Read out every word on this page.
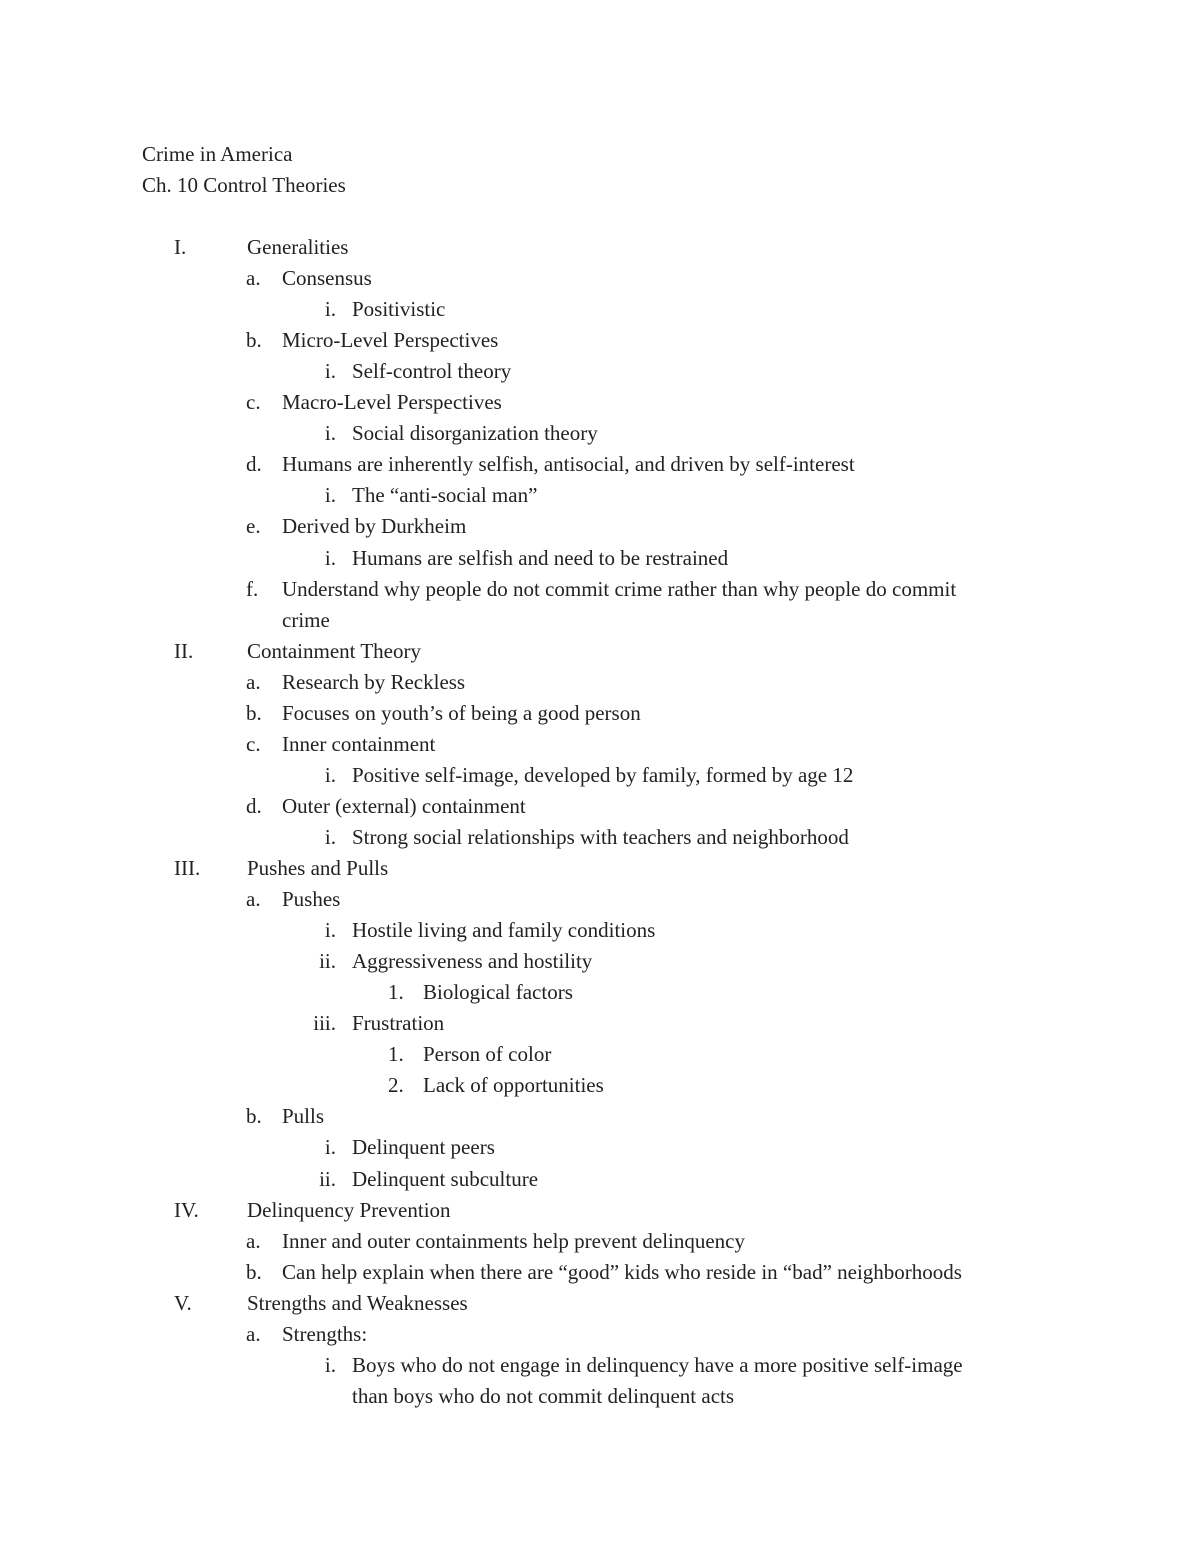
Crime in America
Ch. 10 Control Theories
I.	Generalities
a. Consensus
i. Positivistic
b. Micro-Level Perspectives
i. Self-control theory
c. Macro-Level Perspectives
i. Social disorganization theory
d. Humans are inherently selfish, antisocial, and driven by self-interest
i. The “anti-social man”
e. Derived by Durkheim
i. Humans are selfish and need to be restrained
f. Understand why people do not commit crime rather than why people do commit
crime
II.	Containment Theory
a. Research by Reckless
b. Focuses on youth’s of being a good person
c. Inner containment
i. Positive self-image, developed by family, formed by age 12
d. Outer (external) containment
i. Strong social relationships with teachers and neighborhood
III. Pushes and Pulls
a. Pushes
i. Hostile living and family conditions
ii. Aggressiveness and hostility
1. Biological factors
iii. Frustration
1. Person of color
2. Lack of opportunities
b. Pulls
i. Delinquent peers
ii. Delinquent subculture
IV. Delinquency Prevention
a. Inner and outer containments help prevent delinquency
b. Can help explain when there are “good” kids who reside in “bad” neighborhoods
V.	Strengths and Weaknesses
a. Strengths:
i. Boys who do not engage in delinquency have a more positive self-image
than boys who do not commit delinquent acts
